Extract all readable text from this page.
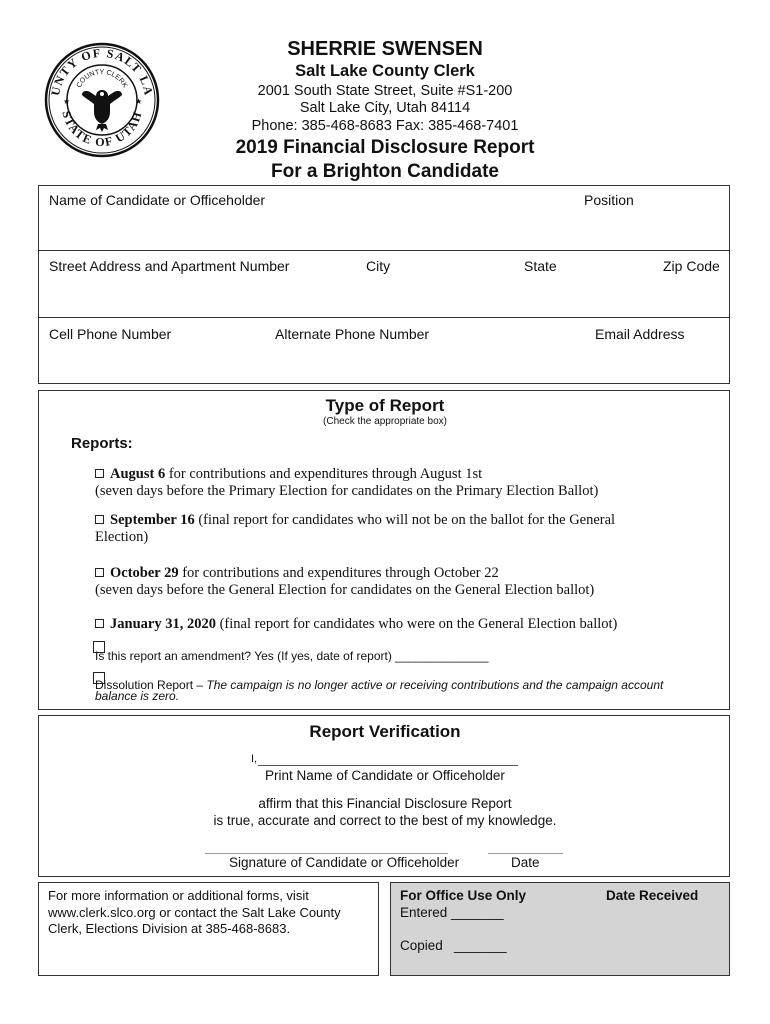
UNTY OF SALT LA
STATE OF UTAH
COUNTY CLERK
★	★
SHERRIE SWENSEN
Salt Lake County Clerk
2001 South State Street, Suite #S1-200
Salt Lake City, Utah 84114
Phone: 385-468-8683 Fax: 385-468-7401
2019 Financial Disclosure Report
For a Brighton Candidate
Name of Candidate or Officeholder	Position
Street Address and Apartment Number	City	State	Zip Code
Cell Phone Number	Alternate Phone Number	Email Address
Type of Report
(Check the appropriate box)
Reports:
August 6 for contributions and expenditures through August 1st
(seven days before the Primary Election for candidates on the Primary Election Ballot)
September 16 (final report for candidates who will not be on the ballot for the General
Election)
October 29 for contributions and expenditures through October 22
(seven days before the General Election for candidates on the General Election ballot)
January 31, 2020 (final report for candidates who were on the General Election ballot)
Is this report an amendment? Yes (If yes, date of report) ______________
Dissolution Report – The campaign is no longer active or receiving contributions and the campaign account
balance is zero.
Report Verification
I,
Print Name of Candidate or Officeholder
affirm that this Financial Disclosure Report
is true, accurate and correct to the best of my knowledge.
Signature of Candidate or Officeholder	Date
For more information or additional forms, visit
www.clerk.slco.org or contact the Salt Lake County
Clerk, Elections Division at 385-468-8683.
For Office Use Only	Date Received
Entered _______
Copied   _______
